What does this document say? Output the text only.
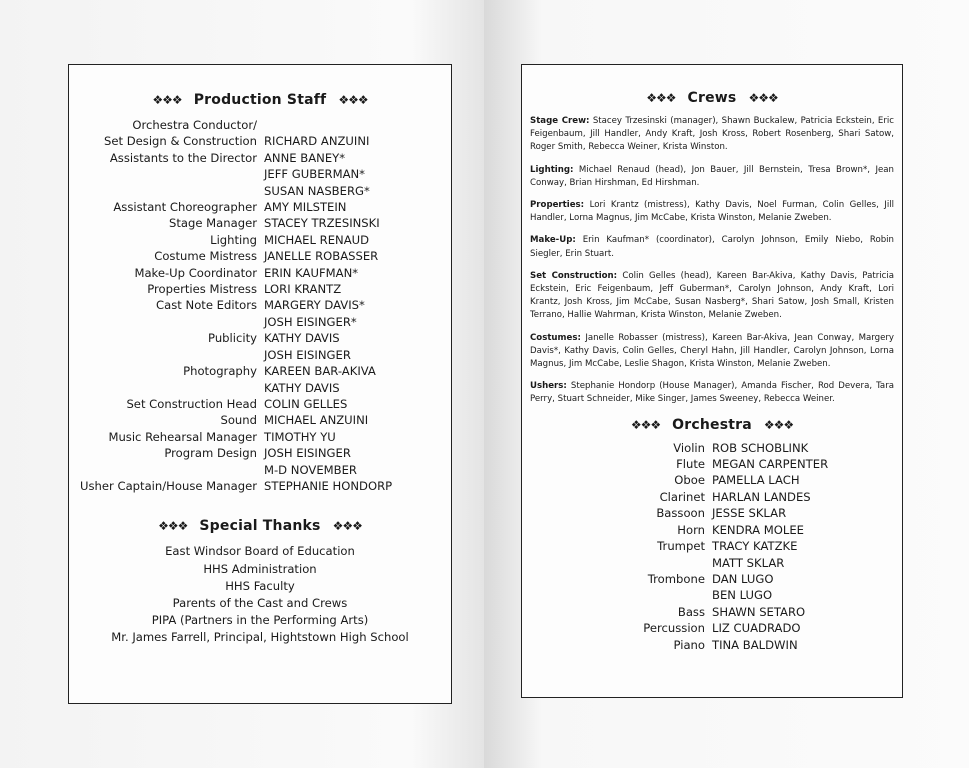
❖❖❖ Production Staff ❖❖❖
Orchestra Conductor/
Set Design & Construction RICHARD ANZUINI
Assistants to the Director ANNE BANEY*
JEFF GUBERMAN*
SUSAN NASBERG*
Assistant Choreographer AMY MILSTEIN
Stage Manager STACEY TRZESINSKI
Lighting MICHAEL RENAUD
Costume Mistress JANELLE ROBASSER
Make-Up Coordinator ERIN KAUFMAN*
Properties Mistress LORI KRANTZ
Cast Note Editors MARGERY DAVIS*
JOSH EISINGER*
Publicity KATHY DAVIS
JOSH EISINGER
Photography KAREEN BAR-AKIVA
KATHY DAVIS
Set Construction Head COLIN GELLES
Sound MICHAEL ANZUINI
Music Rehearsal Manager TIMOTHY YU
Program Design JOSH EISINGER
M-D NOVEMBER
Usher Captain/House Manager STEPHANIE HONDORP
❖❖❖ Special Thanks ❖❖❖
East Windsor Board of Education
HHS Administration
HHS Faculty
Parents of the Cast and Crews
PIPA (Partners in the Performing Arts)
Mr. James Farrell, Principal, Hightstown High School
❖❖❖ Crews ❖❖❖
Stage Crew: Stacey Trzesinski (manager), Shawn Buckalew, Patricia Eckstein, Eric Feigenbaum, Jill Handler, Andy Kraft, Josh Kross, Robert Rosenberg, Shari Satow, Roger Smith, Rebecca Weiner, Krista Winston.
Lighting: Michael Renaud (head), Jon Bauer, Jill Bernstein, Tresa Brown*, Jean Conway, Brian Hirshman, Ed Hirshman.
Properties: Lori Krantz (mistress), Kathy Davis, Noel Furman, Colin Gelles, Jill Handler, Lorna Magnus, Jim McCabe, Krista Winston, Melanie Zweben.
Make-Up: Erin Kaufman* (coordinator), Carolyn Johnson, Emily Niebo, Robin Siegler, Erin Stuart.
Set Construction: Colin Gelles (head), Kareen Bar-Akiva, Kathy Davis, Patricia Eckstein, Eric Feigenbaum, Jeff Guberman*, Carolyn Johnson, Andy Kraft, Lori Krantz, Josh Kross, Jim McCabe, Susan Nasberg*, Shari Satow, Josh Small, Kristen Terrano, Hallie Wahrman, Krista Winston, Melanie Zweben.
Costumes: Janelle Robasser (mistress), Kareen Bar-Akiva, Jean Conway, Margery Davis*, Kathy Davis, Colin Gelles, Cheryl Hahn, Jill Handler, Carolyn Johnson, Lorna Magnus, Jim McCabe, Leslie Shagon, Krista Winston, Melanie Zweben.
Ushers: Stephanie Hondorp (House Manager), Amanda Fischer, Rod Devera, Tara Perry, Stuart Schneider, Mike Singer, James Sweeney, Rebecca Weiner.
❖❖❖ Orchestra ❖❖❖
Violin ROB SCHOBLINK
Flute MEGAN CARPENTER
Oboe PAMELLA LACH
Clarinet HARLAN LANDES
Bassoon JESSE SKLAR
Horn KENDRA MOLEE
Trumpet TRACY KATZKE
MATT SKLAR
Trombone DAN LUGO
BEN LUGO
Bass SHAWN SETARO
Percussion LIZ CUADRADO
Piano TINA BALDWIN
